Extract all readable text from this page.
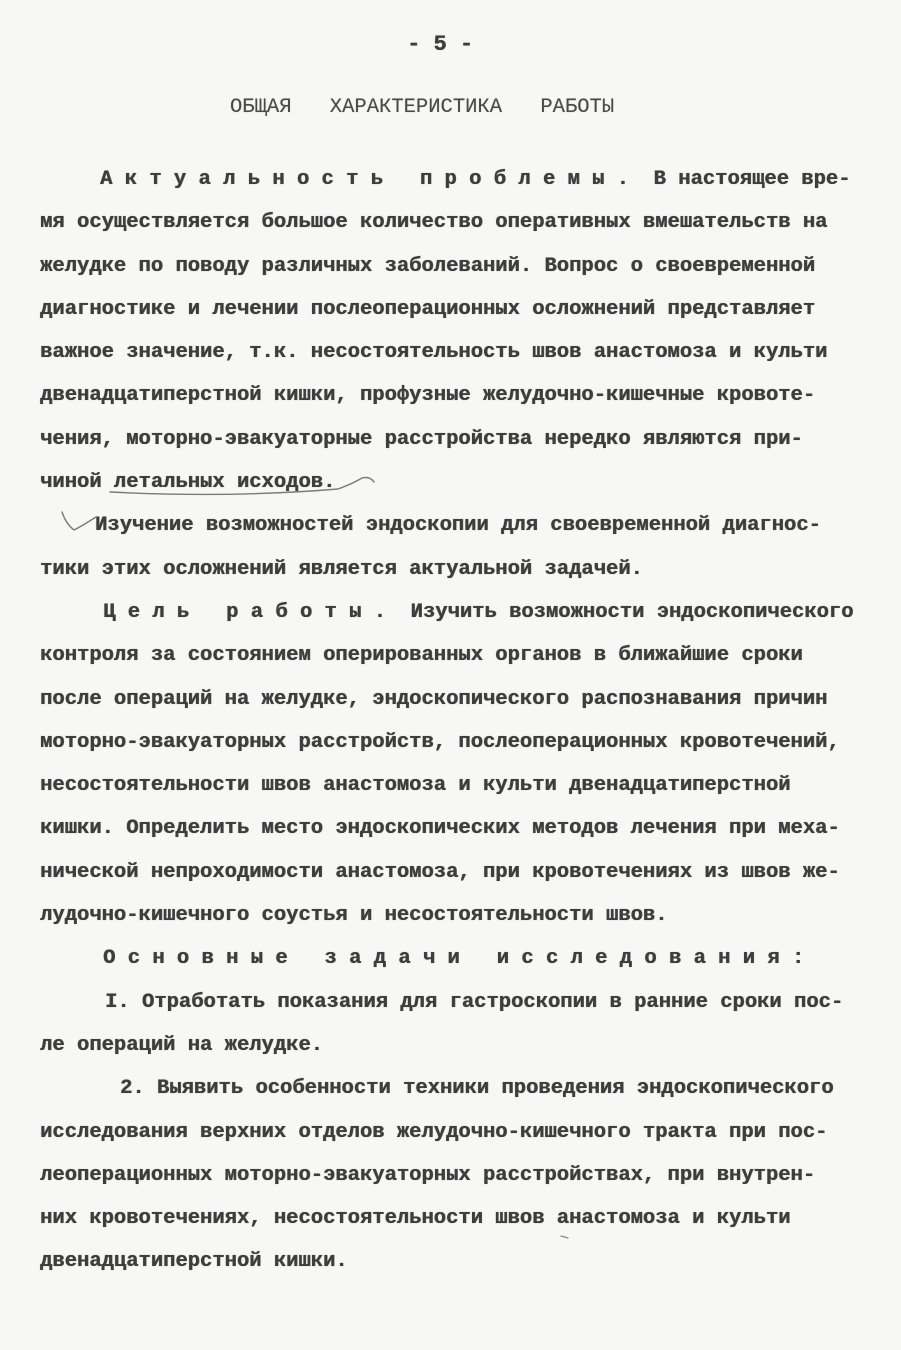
- 5 -
ОБЩАЯ ХАРАКТЕРИСТИКА РАБОТЫ
Актуальность проблемы. В настоящее вре-
мя осуществляется большое количество оперативных вмешательств на
желудке по поводу различных заболеваний. Вопрос о своевременной
диагностике и лечении послеоперационных осложнений представляет
важное значение, т.к. несостоятельность швов анастомоза и культи
двенадцатиперстной кишки, профузные желудочно-кишечные кровоте-
чения, моторно-эвакуаторные расстройства нередко являются при-
чиной летальных исходов.
Изучение возможностей эндоскопии для своевременной диагнос-
тики этих осложнений является актуальной задачей.
Цель работы. Изучить возможности эндоскопического
контроля за состоянием оперированных органов в ближайшие сроки
после операций на желудке, эндоскопического распознавания причин
моторно-эвакуаторных расстройств, послеоперационных кровотечений,
несостоятельности швов анастомоза и культи двенадцатиперстной
кишки. Определить место эндоскопических методов лечения при меха-
нической непроходимости анастомоза, при кровотечениях из швов же-
лудочно-кишечного соустья и несостоятельности швов.
Основные задачи исследования:
I. Отработать показания для гастроскопии в ранние сроки пос-
ле операций на желудке.
2. Выявить особенности техники проведения эндоскопического
исследования верхних отделов желудочно-кишечного тракта при пос-
леоперационных моторно-эвакуаторных расстройствах, при внутрен-
них кровотечениях, несостоятельности швов анастомоза и культи
двенадцатиперстной кишки.
